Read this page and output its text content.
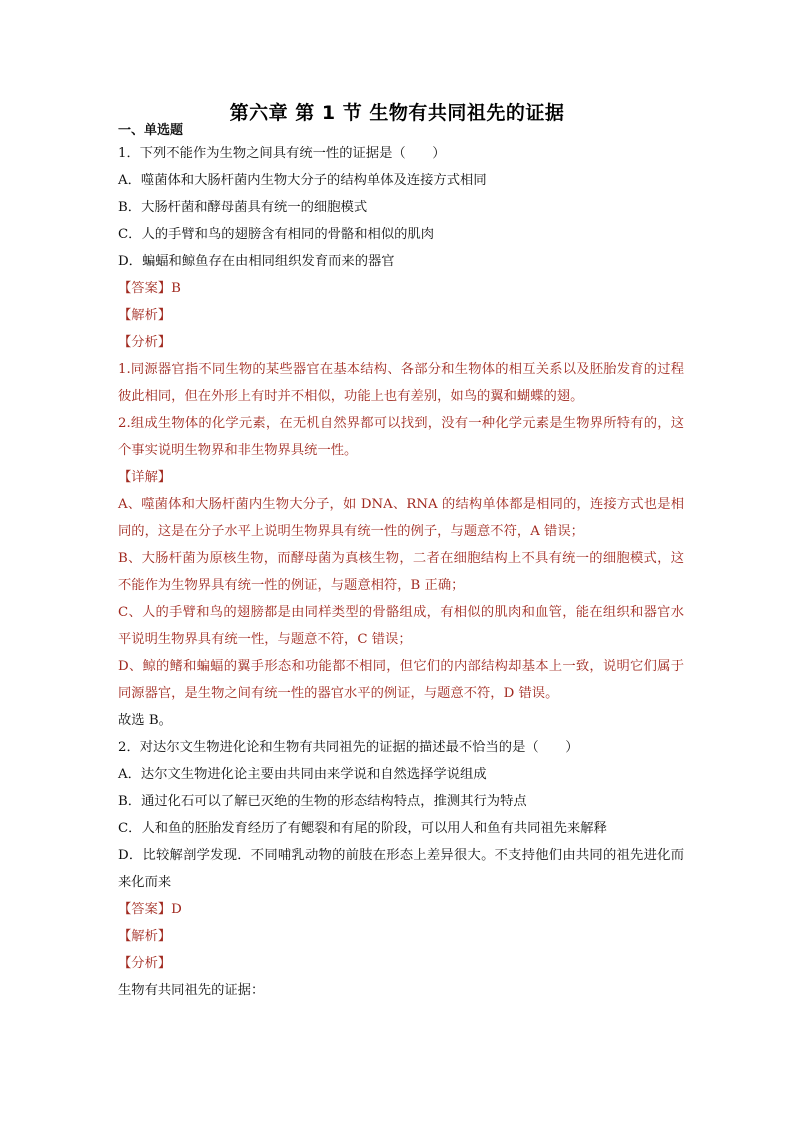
第六章 第 1 节 生物有共同祖先的证据
一、单选题

1．下列不能作为生物之间具有统一性的证据是（　　）

A．噬菌体和大肠杆菌内生物大分子的结构单体及连接方式相同

B．大肠杆菌和酵母菌具有统一的细胞模式

C．人的手臂和鸟的翅膀含有相同的骨骼和相似的肌肉

D．蝙蝠和鲸鱼存在由相同组织发育而来的器官

【答案】B

【解析】

【分析】

1.同源器官指不同生物的某些器官在基本结构、各部分和生物体的相互关系以及胚胎发育的过程彼此相同，但在外形上有时并不相似，功能上也有差别，如鸟的翼和蝴蝶的翅。

2.组成生物体的化学元素，在无机自然界都可以找到，没有一种化学元素是生物界所特有的，这个事实说明生物界和非生物界具统一性。

【详解】

A、噬菌体和大肠杆菌内生物大分子，如 DNA、RNA 的结构单体都是相同的，连接方式也是相同的，这是在分子水平上说明生物界具有统一性的例子，与题意不符，A 错误；

B、大肠杆菌为原核生物，而酵母菌为真核生物，二者在细胞结构上不具有统一的细胞模式，这不能作为生物界具有统一性的例证，与题意相符，B 正确；

C、人的手臂和鸟的翅膀都是由同样类型的骨骼组成，有相似的肌肉和血管，能在组织和器官水平说明生物界具有统一性，与题意不符，C 错误；

D、鲸的鳍和蝙蝠的翼手形态和功能都不相同，但它们的内部结构却基本上一致，说明它们属于同源器官，是生物之间有统一性的器官水平的例证，与题意不符，D 错误。

故选 B。

2．对达尔文生物进化论和生物有共同祖先的证据的描述最不恰当的是（　　）

A．达尔文生物进化论主要由共同由来学说和自然选择学说组成

B．通过化石可以了解已灭绝的生物的形态结构特点，推测其行为特点

C．人和鱼的胚胎发育经历了有鳃裂和有尾的阶段，可以用人和鱼有共同祖先来解释

D．比较解剖学发现．不同哺乳动物的前肢在形态上差异很大。不支持他们由共同的祖先进化而来化而来

【答案】D

【解析】

【分析】

生物有共同祖先的证据：
